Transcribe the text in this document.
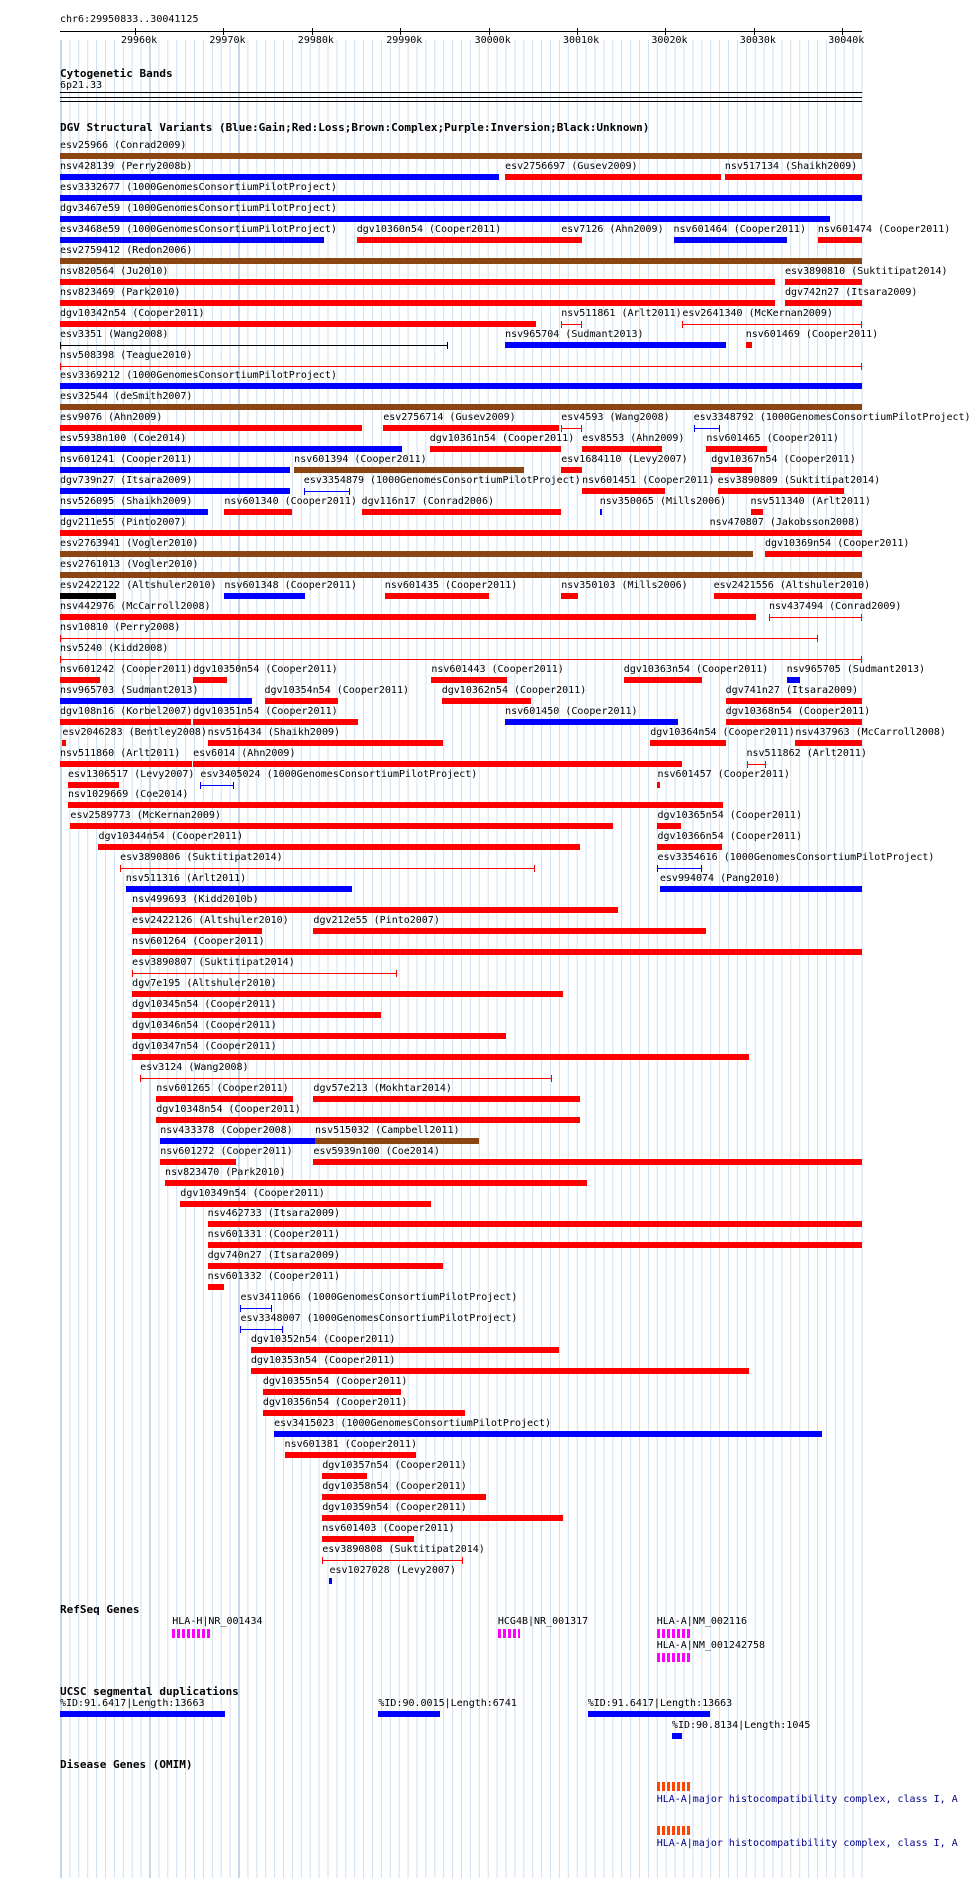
chr6:29950833..30041125
29960k	29970k	29980k	29990k	30000k	30010k	30020k	30030k	30040k
Cytogenetic Bands
6p21.33
DGV Structural Variants (Blue:Gain;Red:Loss;Brown:Complex;Purple:Inversion;Black:Unknown)
esv25966 (Conrad2009)
nsv428139 (Perry2008b)	esv2756697 (Gusev2009)	nsv517134 (Shaikh2009)
esv3332677 (1000GenomesConsortiumPilotProject)
dgv3467e59 (1000GenomesConsortiumPilotProject)
esv3468e59 (1000GenomesConsortiumPilotProject) dgv10360n54 (Cooper2011)	esv7126 (Ahn2009) nsv601464 (Cooper2011) nsv601474 (Cooper2011)
esv2759412 (Redon2006)
nsv820564 (Ju2010)	esv3890810 (Suktitipat2014)
nsv823469 (Park2010)	dgv742n27 (Itsara2009)
dgv10342n54 (Cooper2011)	nsv511861 (Arlt2011) esv2641340 (McKernan2009)
esv3351 (Wang2008)	nsv965704 (Sudmant2013)	nsv601469 (Cooper2011)
nsv508398 (Teague2010)
esv3369212 (1000GenomesConsortiumPilotProject)
esv32544 (deSmith2007)
esv9076 (Ahn2009)	esv2756714 (Gusev2009)	esv4593 (Wang2008) esv3348792 (1000GenomesConsortiumPilotProject)
esv5938n100 (Coe2014)	dgv10361n54 (Cooper2011) esv8553 (Ahn2009) nsv601465 (Cooper2011)
nsv601241 (Cooper2011)	nsv601394 (Cooper2011)	esv1684110 (Levy2007) dgv10367n54 (Cooper2011)
dgv739n27 (Itsara2009)	esv3354879 (1000GenomesConsortiumPilotProject) nsv601451 (Cooper2011) esv3890809 (Suktitipat2014)
nsv526095 (Shaikh2009)	nsv601340 (Cooper2011) dgv116n17 (Conrad2006)	nsv350065 (Mills2006) nsv511340 (Arlt2011)
dgv211e55 (Pinto2007)	nsv470807 (Jakobsson2008)
esv2763941 (Vogler2010)	dgv10369n54 (Cooper2011)
esv2761013 (Vogler2010)
esv2422122 (Altshuler2010) nsv601348 (Cooper2011)	nsv601435 (Cooper2011)	nsv350103 (Mills2006)	esv2421556 (Altshuler2010)
nsv442976 (McCarroll2008)	nsv437494 (Conrad2009)
nsv10810 (Perry2008)
nsv5240 (Kidd2008)
nsv601242 (Cooper2011) dgv10350n54 (Cooper2011)	nsv601443 (Cooper2011)	dgv10363n54 (Cooper2011) nsv965705 (Sudmant2013)
nsv965703 (Sudmant2013)	dgv10354n54 (Cooper2011)	dgv10362n54 (Cooper2011)	dgv741n27 (Itsara2009)
dgv108n16 (Korbel2007) dgv10351n54 (Cooper2011)	nsv601450 (Cooper2011)	dgv10368n54 (Cooper2011)
esv2046283 (Bentley2008) nsv516434 (Shaikh2009)	dgv10364n54 (Cooper2011) nsv437963 (McCarroll2008)
nsv511860 (Arlt2011) esv6014 (Ahn2009)	nsv511862 (Arlt2011)
esv1306517 (Levy2007) esv3405024 (1000GenomesConsortiumPilotProject)	nsv601457 (Cooper2011)
nsv1029669 (Coe2014)
esv2589773 (McKernan2009)	dgv10365n54 (Cooper2011)
dgv10344n54 (Cooper2011)	dgv10366n54 (Cooper2011)
esv3890806 (Suktitipat2014)	esv3354616 (1000GenomesConsortiumPilotProject)
nsv511316 (Arlt2011)	esv994074 (Pang2010)
nsv499693 (Kidd2010b)
esv2422126 (Altshuler2010) dgv212e55 (Pinto2007)
nsv601264 (Cooper2011)
esv3890807 (Suktitipat2014)
dgv7e195 (Altshuler2010)
dgv10345n54 (Cooper2011)
dgv10346n54 (Cooper2011)
dgv10347n54 (Cooper2011)
esv3124 (Wang2008)
nsv601265 (Cooper2011) dgv57e213 (Mokhtar2014)
dgv10348n54 (Cooper2011)
nsv433378 (Cooper2008) nsv515032 (Campbell2011)
nsv601272 (Cooper2011) esv5939n100 (Coe2014)
nsv823470 (Park2010)
dgv10349n54 (Cooper2011)
nsv462733 (Itsara2009)
nsv601331 (Cooper2011)
dgv740n27 (Itsara2009)
nsv601332 (Cooper2011)
esv3411066 (1000GenomesConsortiumPilotProject)
esv3348007 (1000GenomesConsortiumPilotProject)
dgv10352n54 (Cooper2011)
dgv10353n54 (Cooper2011)
dgv10355n54 (Cooper2011)
dgv10356n54 (Cooper2011)
esv3415023 (1000GenomesConsortiumPilotProject)
nsv601381 (Cooper2011)
dgv10357n54 (Cooper2011)
dgv10358n54 (Cooper2011)
dgv10359n54 (Cooper2011)
nsv601403 (Cooper2011)
esv3890808 (Suktitipat2014)
esv1027028 (Levy2007)
RefSeq Genes
HLA-H|NR_001434	HCG4B|NR_001317	HLA-A|NM_002116
HLA-A|NM_001242758
UCSC segmental duplications
%ID:91.6417|Length:13663	%ID:90.0015|Length:6741	%ID:91.6417|Length:13663
%ID:90.8134|Length:1045
Disease Genes (OMIM)
HLA-A|major histocompatibility complex, class I, A
HLA-A|major histocompatibility complex, class I, A
